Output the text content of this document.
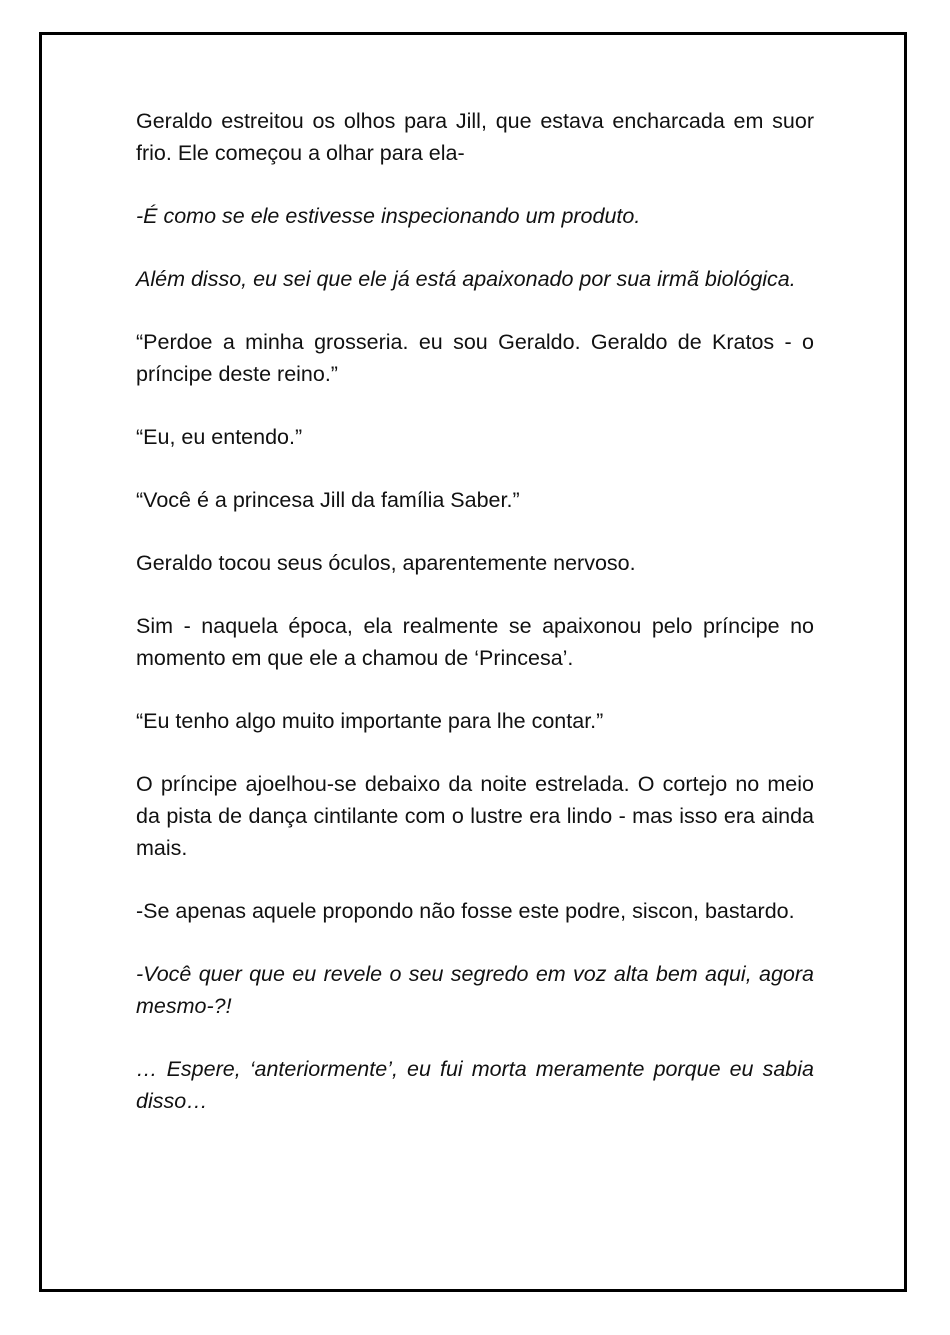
Geraldo estreitou os olhos para Jill, que estava encharcada em suor frio. Ele começou a olhar para ela-

-É como se ele estivesse inspecionando um produto.

Além disso, eu sei que ele já está apaixonado por sua irmã biológica.

“Perdoe a minha grosseria. eu sou Geraldo. Geraldo de Kratos - o príncipe deste reino.”

“Eu, eu entendo.”

“Você é a princesa Jill da família Saber.”

Geraldo tocou seus óculos, aparentemente nervoso.

Sim - naquela época, ela realmente se apaixonou pelo príncipe no momento em que ele a chamou de ‘Princesa’.

“Eu tenho algo muito importante para lhe contar.”

O príncipe ajoelhou-se debaixo da noite estrelada. O cortejo no meio da pista de dança cintilante com o lustre era lindo - mas isso era ainda mais.

-Se apenas aquele propondo não fosse este podre, siscon, bastardo.

-Você quer que eu revele o seu segredo em voz alta bem aqui, agora mesmo-?!

… Espere, ‘anteriormente’, eu fui morta meramente porque eu sabia disso…
